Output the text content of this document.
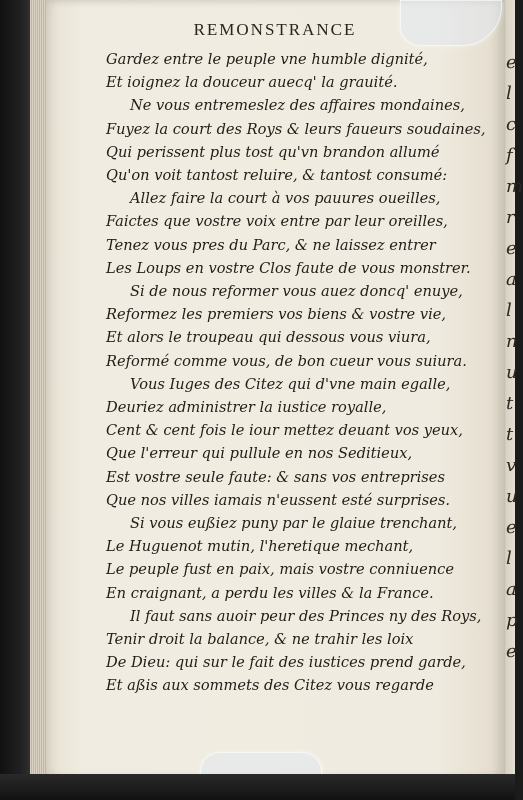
e
l
c
f
m
r
e
a
l
n
u
t
t
v
u
e
l
a
p
e
REMONSTRANCE
Gardez entre le peuple vne humble dignité,
Et ioignez la douceur auecq' la grauité.
Ne vous entremeslez des affaires mondaines,
Fuyez la court des Roys & leurs faueurs soudaines,
Qui perissent plus tost qu'vn brandon allumé
Qu'on voit tantost reluire, & tantost consumé:
Allez faire la court à vos pauures oueilles,
Faictes que vostre voix entre par leur oreilles,
Tenez vous pres du Parc, & ne laissez entrer
Les Loups en vostre Clos faute de vous monstrer.
Si de nous reformer vous auez doncq' enuye,
Reformez les premiers vos biens & vostre vie,
Et alors le troupeau qui dessous vous viura,
Reformé comme vous, de bon cueur vous suiura.
Vous Iuges des Citez qui d'vne main egalle,
Deuriez administrer la iustice royalle,
Cent & cent fois le iour mettez deuant vos yeux,
Que l'erreur qui pullule en nos Seditieux,
Est vostre seule faute: & sans vos entreprises
Que nos villes iamais n'eussent esté surprises.
Si vous eußiez puny par le glaiue trenchant,
Le Huguenot mutin, l'heretique mechant,
Le peuple fust en paix, mais vostre conniuence
En craignant, a perdu les villes & la France.
Il faut sans auoir peur des Princes ny des Roys,
Tenir droit la balance, & ne trahir les loix
De Dieu: qui sur le fait des iustices prend garde,
Et aßis aux sommets des Citez vous regarde
